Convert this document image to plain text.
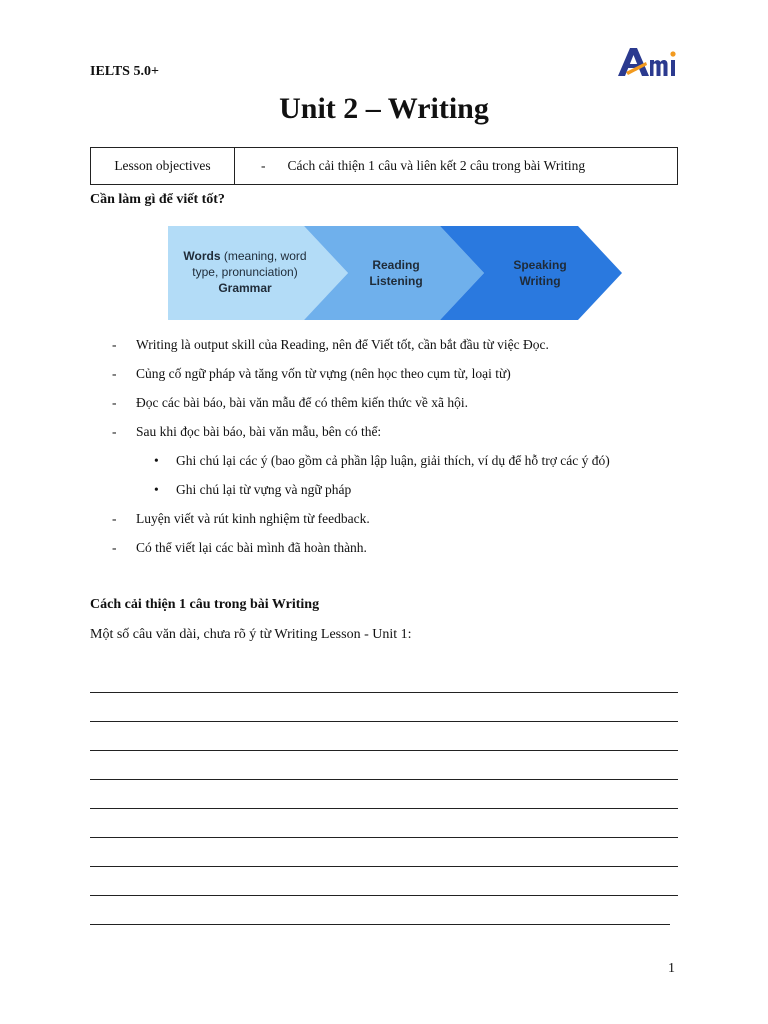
IELTS 5.0+
Unit 2 – Writing
Lesson objectives	- Cách cải thiện 1 câu và liên kết 2 câu trong bài Writing
Cần làm gì để viết tốt?
Words (meaning, word type, pronunciation)
Grammar
Reading
Listening
Speaking
Writing
- Writing là output skill của Reading, nên để Viết tốt, cần bắt đầu từ việc Đọc.
- Củng cố ngữ pháp và tăng vốn từ vựng (nên học theo cụm từ, loại từ)
- Đọc các bài báo, bài văn mẫu để có thêm kiến thức về xã hội.
- Sau khi đọc bài báo, bài văn mẫu, bên có thể:
• Ghi chú lại các ý (bao gồm cả phần lập luận, giải thích, ví dụ để hỗ trợ các ý đó)
• Ghi chú lại từ vựng và ngữ pháp
- Luyện viết và rút kinh nghiệm từ feedback.
- Có thể viết lại các bài mình đã hoàn thành.
Cách cải thiện 1 câu trong bài Writing
Một số câu văn dài, chưa rõ ý từ Writing Lesson - Unit 1:
1
